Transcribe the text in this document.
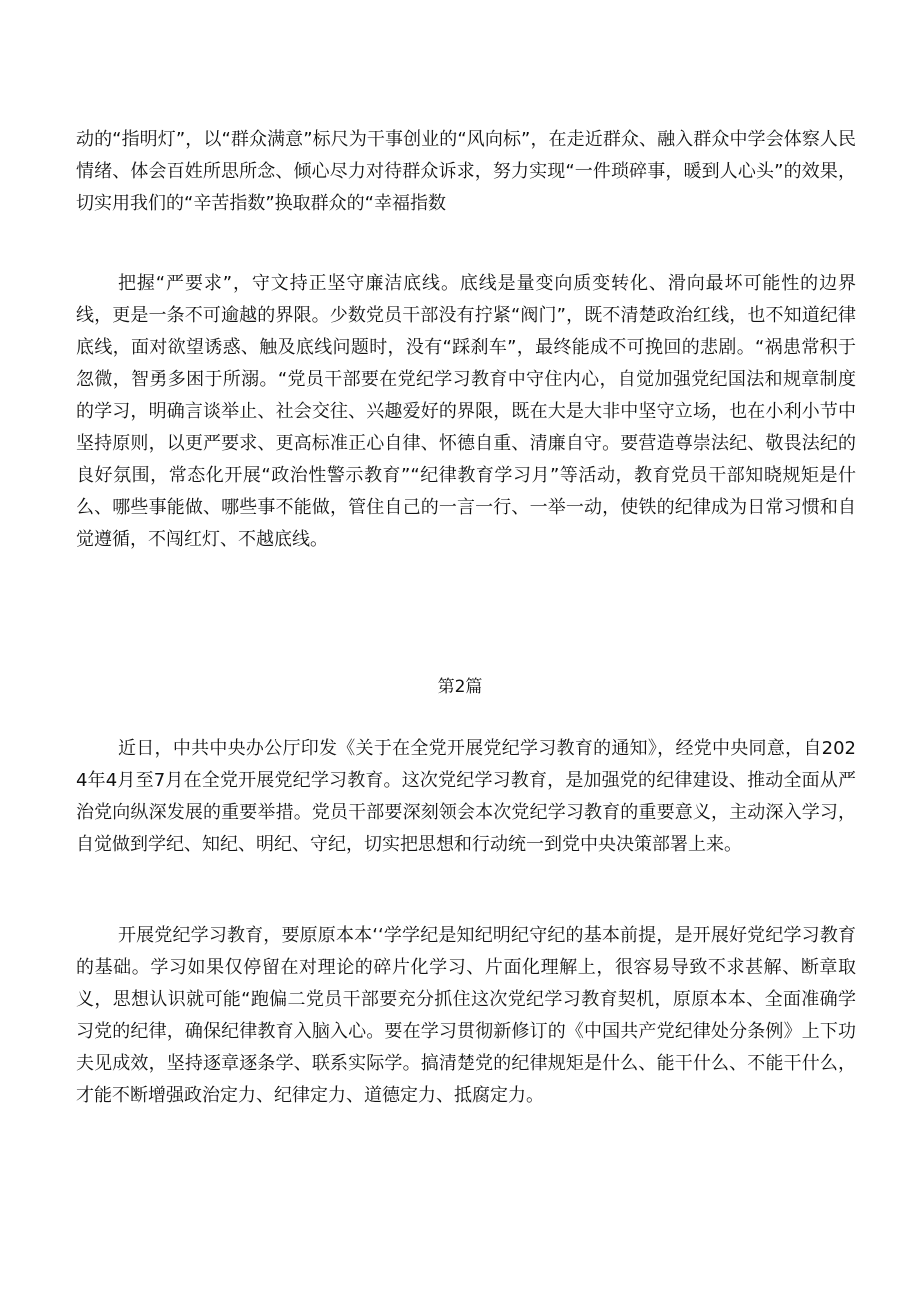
动的“指明灯”，以“群众满意”标尺为干事创业的“风向标”，在走近群众、融入群众中学会体察人民情绪、体会百姓所思所念、倾心尽力对待群众诉求，努力实现“一件琐碎事，暖到人心头”的效果，切实用我们的“辛苦指数”换取群众的“幸福指数

把握“严要求”，守文持正坚守廉洁底线。底线是量变向质变转化、滑向最坏可能性的边界线，更是一条不可逾越的界限。少数党员干部没有拧紧“阀门”，既不清楚政治红线，也不知道纪律底线，面对欲望诱惑、触及底线问题时，没有“踩刹车”，最终能成不可挽回的悲剧。“祸患常积于忽微，智勇多困于所溺。“党员干部要在党纪学习教育中守住内心，自觉加强党纪国法和规章制度的学习，明确言谈举止、社会交往、兴趣爱好的界限，既在大是大非中坚守立场，也在小利小节中坚持原则，以更严要求、更高标准正心自律、怀德自重、清廉自守。要营造尊崇法纪、敬畏法纪的良好氛围，常态化开展“政治性警示教育”“纪律教育学习月”等活动，教育党员干部知晓规矩是什么、哪些事能做、哪些事不能做，管住自己的一言一行、一举一动，使铁的纪律成为日常习惯和自觉遵循，不闯红灯、不越底线。

第2篇

近日，中共中央办公厅印发《关于在全党开展党纪学习教育的通知》，经党中央同意，自2024年4月至7月在全党开展党纪学习教育。这次党纪学习教育，是加强党的纪律建设、推动全面从严治党向纵深发展的重要举措。党员干部要深刻领会本次党纪学习教育的重要意义，主动深入学习，自觉做到学纪、知纪、明纪、守纪，切实把思想和行动统一到党中央决策部署上来。

开展党纪学习教育，要原原本本‘‘学学纪是知纪明纪守纪的基本前提，是开展好党纪学习教育的基础。学习如果仅停留在对理论的碎片化学习、片面化理解上，很容易导致不求甚解、断章取义，思想认识就可能“跑偏二党员干部要充分抓住这次党纪学习教育契机，原原本本、全面准确学习党的纪律，确保纪律教育入脑入心。要在学习贯彻新修订的《中国共产党纪律处分条例》上下功夫见成效，坚持逐章逐条学、联系实际学。搞清楚党的纪律规矩是什么、能干什么、不能干什么，才能不断增强政治定力、纪律定力、道德定力、抵腐定力。
